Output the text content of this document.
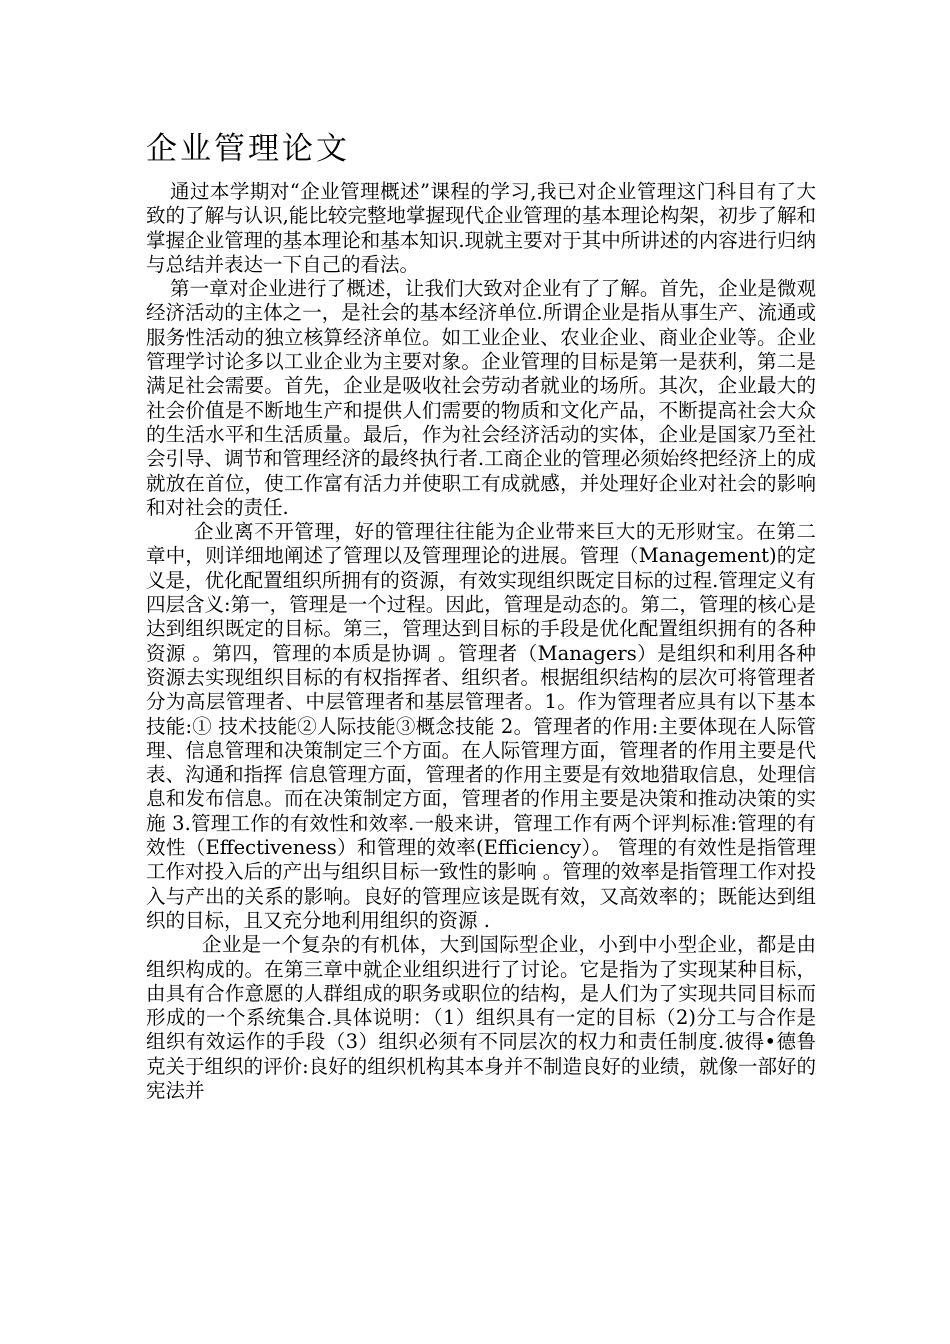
企业管理论文

通过本学期对“企业管理概述”课程的学习,我已对企业管理这门科目有了大致的了解与认识,能比较完整地掌握现代企业管理的基本理论构架，初步了解和掌握企业管理的基本理论和基本知识.现就主要对于其中所讲述的内容进行归纳与总结并表达一下自己的看法。

第一章对企业进行了概述，让我们大致对企业有了了解。首先，企业是微观经济活动的主体之一，是社会的基本经济单位.所谓企业是指从事生产、流通或服务性活动的独立核算经济单位。如工业企业、农业企业、商业企业等。企业管理学讨论多以工业企业为主要对象。企业管理的目标是第一是获利，第二是满足社会需要。首先，企业是吸收社会劳动者就业的场所。其次，企业最大的社会价值是不断地生产和提供人们需要的物质和文化产品，不断提高社会大众的生活水平和生活质量。最后，作为社会经济活动的实体，企业是国家乃至社会引导、调节和管理经济的最终执行者.工商企业的管理必须始终把经济上的成就放在首位，使工作富有活力并使职工有成就感，并处理好企业对社会的影响和对社会的责任.

企业离不开管理，好的管理往往能为企业带来巨大的无形财宝。在第二章中，则详细地阐述了管理以及管理理论的进展。管理（Management)的定义是，优化配置组织所拥有的资源，有效实现组织既定目标的过程.管理定义有四层含义:第一，管理是一个过程。因此，管理是动态的。第二，管理的核心是达到组织既定的目标。第三，管理达到目标的手段是优化配置组织拥有的各种资源 。第四，管理的本质是协调 。管理者（Managers）是组织和利用各种资源去实现组织目标的有权指挥者、组织者。根据组织结构的层次可将管理者分为高层管理者、中层管理者和基层管理者。1。作为管理者应具有以下基本技能:① 技术技能②人际技能③概念技能 2。管理者的作用:主要体现在人际管理、信息管理和决策制定三个方面。在人际管理方面，管理者的作用主要是代表、沟通和指挥 信息管理方面，管理者的作用主要是有效地猎取信息，处理信息和发布信息。而在决策制定方面，管理者的作用主要是决策和推动决策的实施 3.管理工作的有效性和效率.一般来讲，管理工作有两个评判标准:管理的有效性（Effectiveness）和管理的效率(Efficiency）。 管理的有效性是指管理工作对投入后的产出与组织目标一致性的影响 。管理的效率是指管理工作对投入与产出的关系的影响。良好的管理应该是既有效，又高效率的；既能达到组织的目标，且又充分地利用组织的资源 .

企业是一个复杂的有机体，大到国际型企业，小到中小型企业，都是由组织构成的。在第三章中就企业组织进行了讨论。它是指为了实现某种目标，由具有合作意愿的人群组成的职务或职位的结构，是人们为了实现共同目标而形成的一个系统集合.具体说明：（1）组织具有一定的目标（2)分工与合作是组织有效运作的手段（3）组织必须有不同层次的权力和责任制度.彼得•德鲁克关于组织的评价:良好的组织机构其本身并不制造良好的业绩，就像一部好的宪法并
